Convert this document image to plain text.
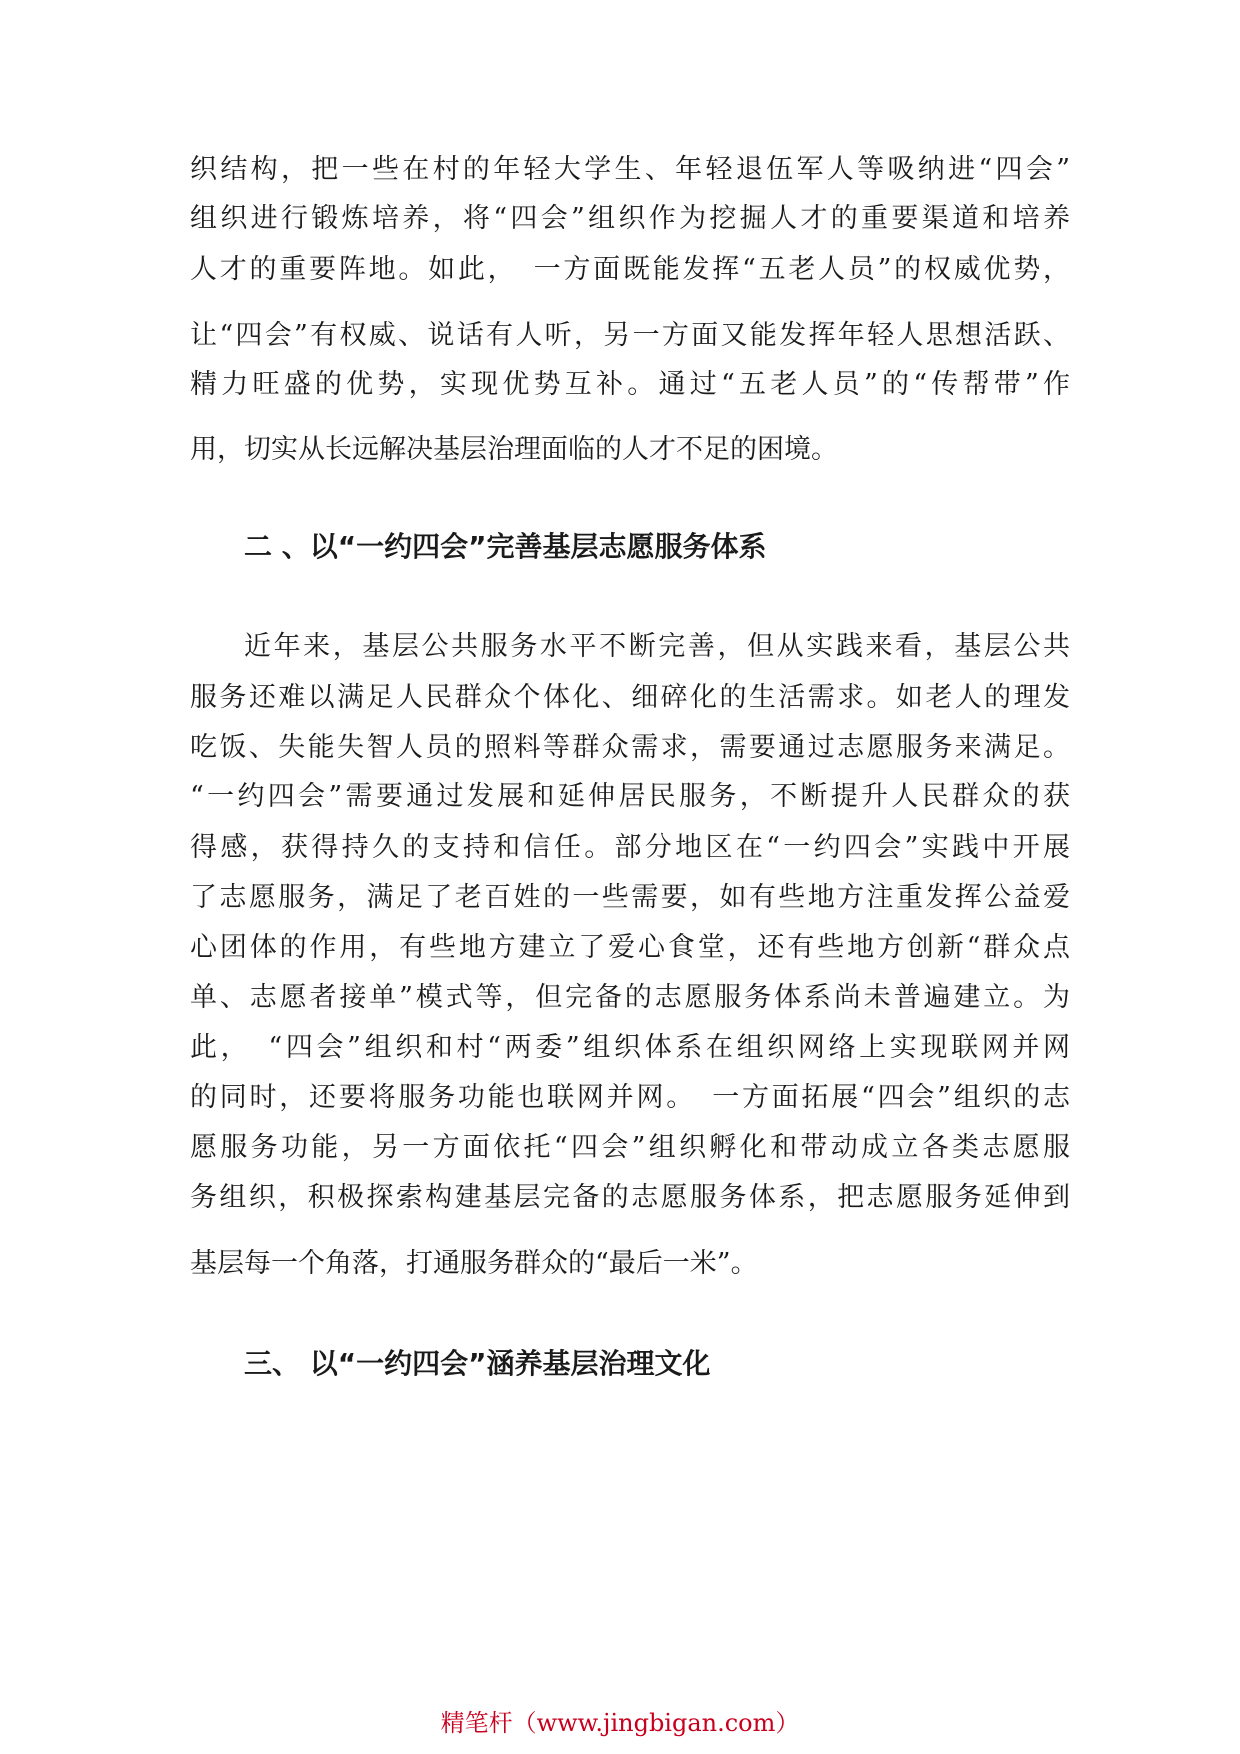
织结构，把一些在村的年轻大学生、年轻退伍军人等吸纳进“四会”
组织进行锻炼培养，将“四会”组织作为挖掘人才的重要渠道和培养
人才的重要阵地。如此，　一方面既能发挥“五老人员”的权威优势，
让“四会”有权威、说话有人听，另一方面又能发挥年轻人思想活跃、
精力旺盛的优势，实现优势互补。通过“五老人员”的“传帮带”作
用，切实从长远解决基层治理面临的人才不足的困境。
二 、以“一约四会”完善基层志愿服务体系
近年来，基层公共服务水平不断完善，但从实践来看，基层公共
服务还难以满足人民群众个体化、细碎化的生活需求。如老人的理发
吃饭、失能失智人员的照料等群众需求，需要通过志愿服务来满足。
“一约四会”需要通过发展和延伸居民服务，不断提升人民群众的获
得感，获得持久的支持和信任。部分地区在“一约四会”实践中开展
了志愿服务，满足了老百姓的一些需要，如有些地方注重发挥公益爱
心团体的作用，有些地方建立了爱心食堂，还有些地方创新“群众点
单、志愿者接单”模式等，但完备的志愿服务体系尚未普遍建立。为
此，　“四会”组织和村“两委”组织体系在组织网络上实现联网并网
的同时，还要将服务功能也联网并网。　一方面拓展“四会”组织的志
愿服务功能，另一方面依托“四会”组织孵化和带动成立各类志愿服
务组织，积极探索构建基层完备的志愿服务体系，把志愿服务延伸到
基层每一个角落，打通服务群众的“最后一米”。
三、 以“一约四会”涵养基层治理文化
精笔杆（www.jingbigan.com）
